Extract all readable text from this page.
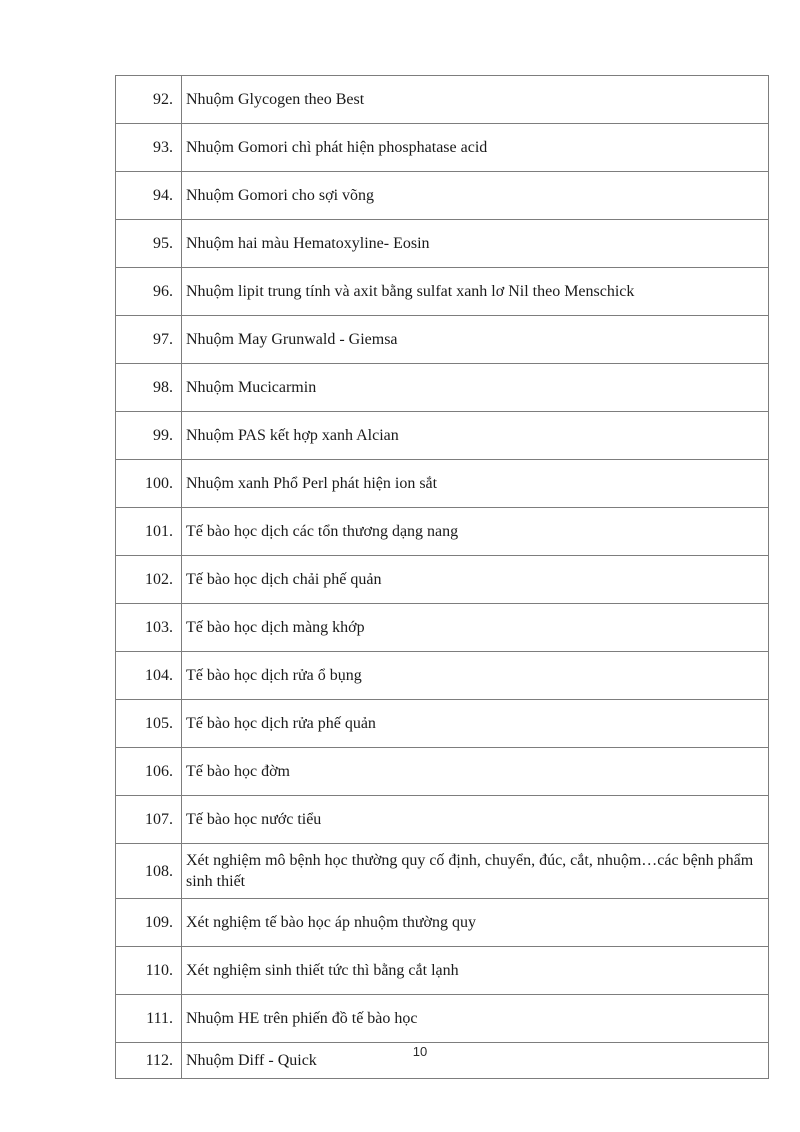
92.	Nhuộm Glycogen theo Best
93.	Nhuộm Gomori chì phát hiện phosphatase acid
94.	Nhuộm Gomori cho sợi võng
95.	Nhuộm hai màu Hematoxyline- Eosin
96.	Nhuộm lipit trung tính và axit bằng sulfat xanh lơ Nil theo Menschick
97.	Nhuộm May Grunwald - Giemsa
98.	Nhuộm Mucicarmin
99.	Nhuộm PAS kết hợp xanh Alcian
100.	Nhuộm xanh Phổ Perl phát hiện ion sắt
101.	Tế bào học dịch các tổn thương dạng nang
102.	Tế bào học dịch chải phế quản
103.	Tế bào học dịch màng khớp
104.	Tế bào học dịch rửa ổ bụng
105.	Tế bào học dịch rửa phế quản
106.	Tế bào học đờm
107.	Tế bào học nước tiểu
108.	Xét nghiệm mô bệnh học thường quy cố định, chuyển, đúc, cắt, nhuộm…các bệnh phẩm sinh thiết
109.	Xét nghiệm tế bào học áp nhuộm thường quy
110.	Xét nghiệm sinh thiết tức thì bằng cắt lạnh
111.	Nhuộm HE trên phiến đồ tế bào học
112.	Nhuộm Diff - Quick
10
